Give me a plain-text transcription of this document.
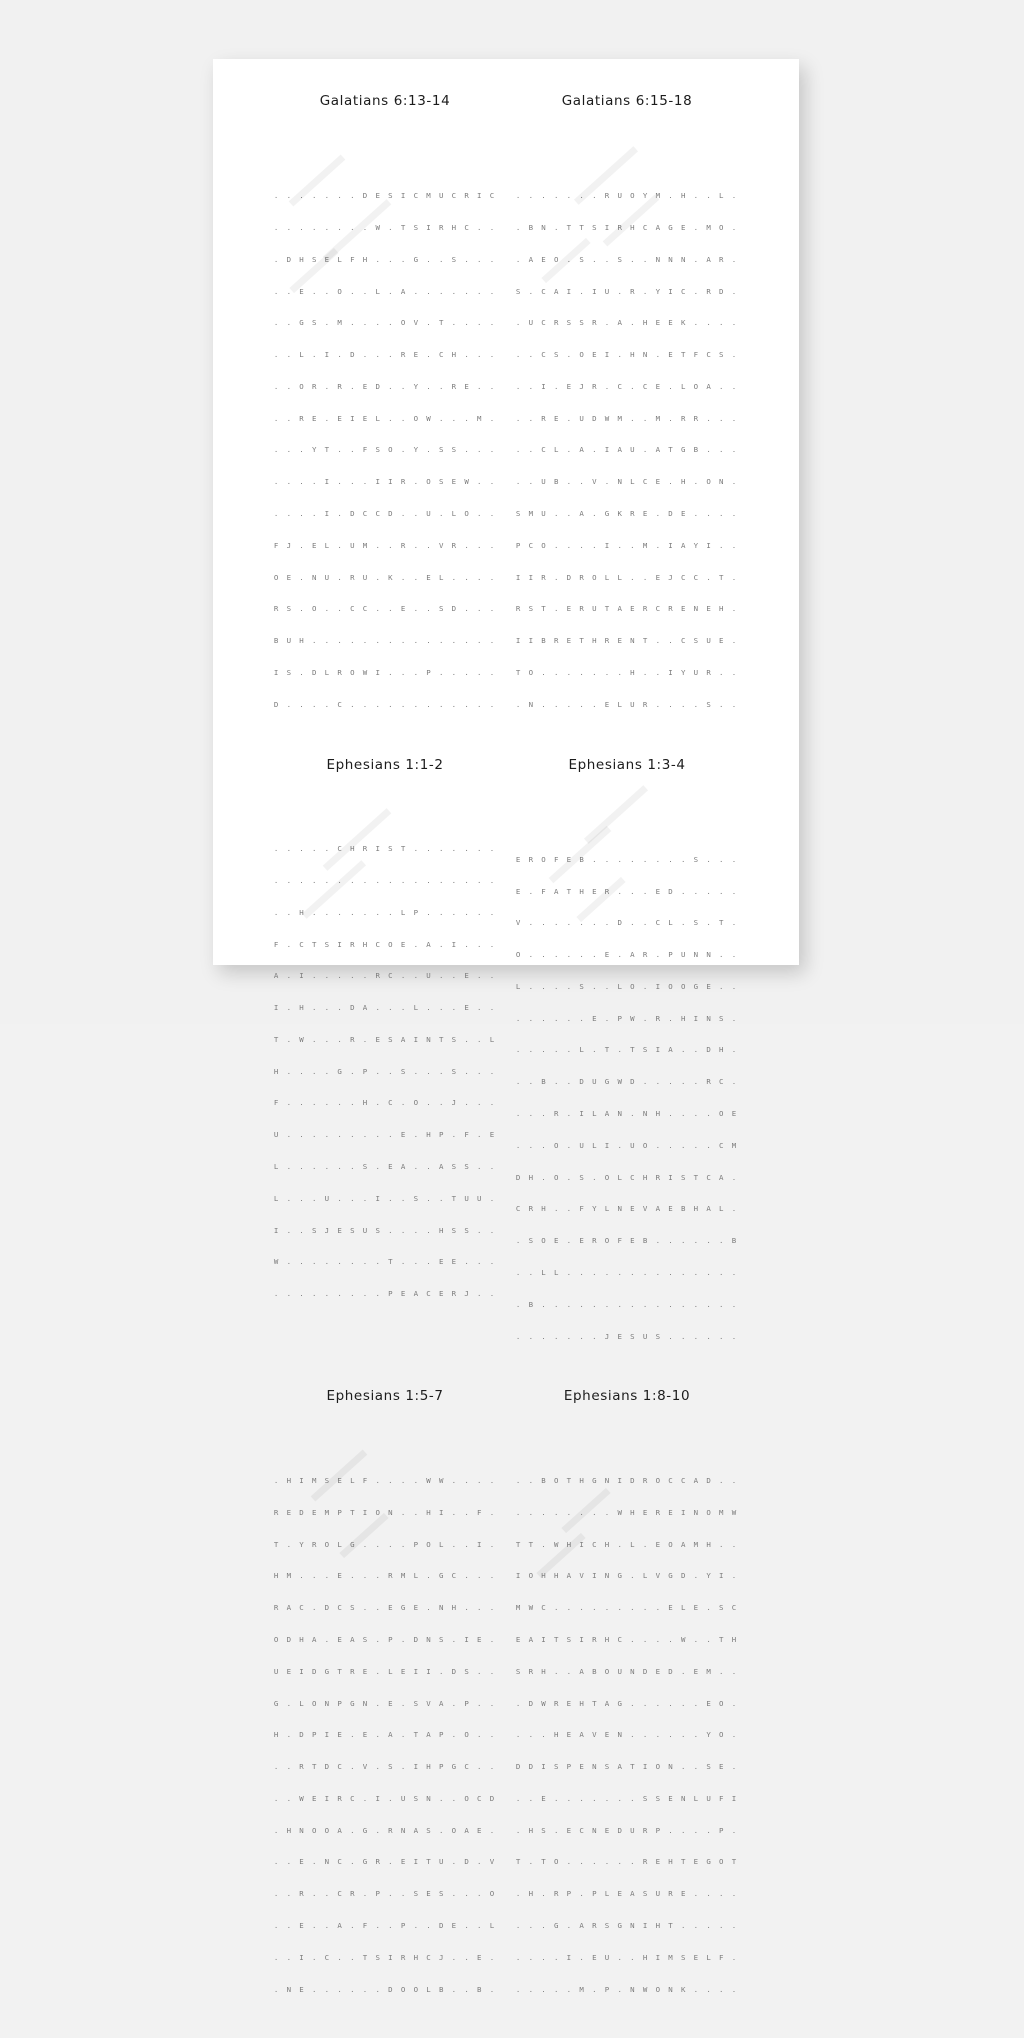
Galatians 6:13-14

. . . . . . . D E S I C M U C R I C

. . . . . . . . W . T S I R H C . .

. D H S E L F H . . . G . . S . . .

. . E . . O . . L . A . . . . . . .

. . G S . M . . . . O V . T . . . .

. . L . I . D . . . R E . C H . . .

. . O R . R . E D . . Y . . R E . .

. . R E . E I E L . . O W . . . M .

. . . Y T . . F S O . Y . S S . . .

. . . . I . . . I I R . O S E W . .

. . . . I . D C C D . . U . L O . .

F J . E L . U M . . R . . V R . . .

O E . N U . R U . K . . E L . . . .

R S . O . . C C . . E . . S D . . .

B U H . . . . . . . . . . . . . . .

I S . D L R O W I . . . P . . . . .

D . . . . C . . . . . . . . . . . .

Galatians 6:15-18

. . . . . . . R U O Y M . H . . L .

. B N . T T S I R H C A G E . M O .

. A E O . S . . S . . N N N . A R .

S . C A I . I U . R . Y I C . R D .

. U C R S S R . A . H E E K . . . .

. . C S . O E I . H N . E T F C S .

. . I . E J R . C . C E . L O A . .

. . R E . U D W M . . M . R R . . .

. . C L . A . I A U . A T G B . . .

. . U B . . V . N L C E . H . O N .

S M U . . A . G K R E . D E . . . .

P C O . . . . I . . M . I A Y I . .

I I R . D R O L L . . E J C C . T .

R S T . E R U T A E R C R E N E H .

I I B R E T H R E N T . . C S U E .

T O . . . . . . . H . . I Y U R . .

. N . . . . . E L U R . . . . S . .

Ephesians 1:1-2

. . . . . C H R I S T . . . . . . .

. . . . . . . . . . . . . . . . . .

. . H . . . . . . . L P . . . . . .

F . C T S I R H C O E . A . I . . .

A . I . . . . . R C . . U . . E . .

I . H . . . D A . . . L . . . E . .

T . W . . . R . E S A I N T S . . L

H . . . . G . P . . S . . . S . . .

F . . . . . . H . C . O . . J . . .

U . . . . . . . . . E . H P . F . E

L . . . . . . S . E A . . A S S . .

L . . . U . . . I . . S . . T U U .

I . . S J E S U S . . . . H S S . .

W . . . . . . . . T . . . E E . . .

. . . . . . . . . P E A C E R J . .

Ephesians 1:3-4

E R O F E B . . . . . . . . S . . .

E . F A T H E R . . . E D . . . . .

V . . . . . . . D . . C L . S . T .

O . . . . . . E . A R . P U N N . .

L . . . . S . . L O . I O O G E . .

. . . . . . E . P W . R . H I N S .

. . . . . L . T . T S I A . . D H .

. . B . . D U G W D . . . . . R C .

. . . R . I L A N . N H . . . . O E

. . . O . U L I . U O . . . . . C M

D H . O . S . O L C H R I S T C A .

C R H . . F Y L N E V A E B H A L .

. S O E . E R O F E B . . . . . . B

. . L L . . . . . . . . . . . . . .

. B . . . . . . . . . . . . . . . .

. . . . . . . J E S U S . . . . . .

Ephesians 1:5-7

. H I M S E L F . . . . W W . . . .

R E D E M P T I O N . . H I . . F .

T . Y R O L G . . . . P O L . . I .

H M . . . E . . . R M L . G C . . .

R A C . D C S . . E G E . N H . . .

O D H A . E A S . P . D N S . I E .

U E I D G T R E . L E I I . D S . .

G . L O N P G N . E . S V A . P . .

H . D P I E . E . A . T A P . O . .

. . R T D C . V . S . I H P G C . .

. . W E I R C . I . U S N . . O C D

. H N O O A . G . R N A S . O A E .

. . E . N C . G R . E I T U . D . V

. . R . . C R . P . . S E S . . . O

. . E . . A . F . . P . . D E . . L

. . I . C . . T S I R H C J . . E .

. N E . . . . . . D O O L B . . B .

Ephesians 1:8-10

. . B O T H G N I D R O C C A D . .

. . . . . . . . W H E R E I N O M W

T T . W H I C H . L . E O A M H . .

I O H H A V I N G . L V G D . Y I .

M W C . . . . . . . . . E L E . S C

E A I T S I R H C . . . . W . . T H

S R H . . A B O U N D E D . E M . .

. D W R E H T A G . . . . . . E O .

. . . H E A V E N . . . . . . Y O .

D D I S P E N S A T I O N . . S E .

. . E . . . . . . . S S E N L U F I

. H S . E C N E D U R P . . . . P .

T . T O . . . . . . R E H T E G O T

. H . R P . P L E A S U R E . . . .

. . . G . A R S G N I H T . . . . .

. . . . I . E U . . H I M S E L F .

. . . . . M . P . N W O N K . . . .
